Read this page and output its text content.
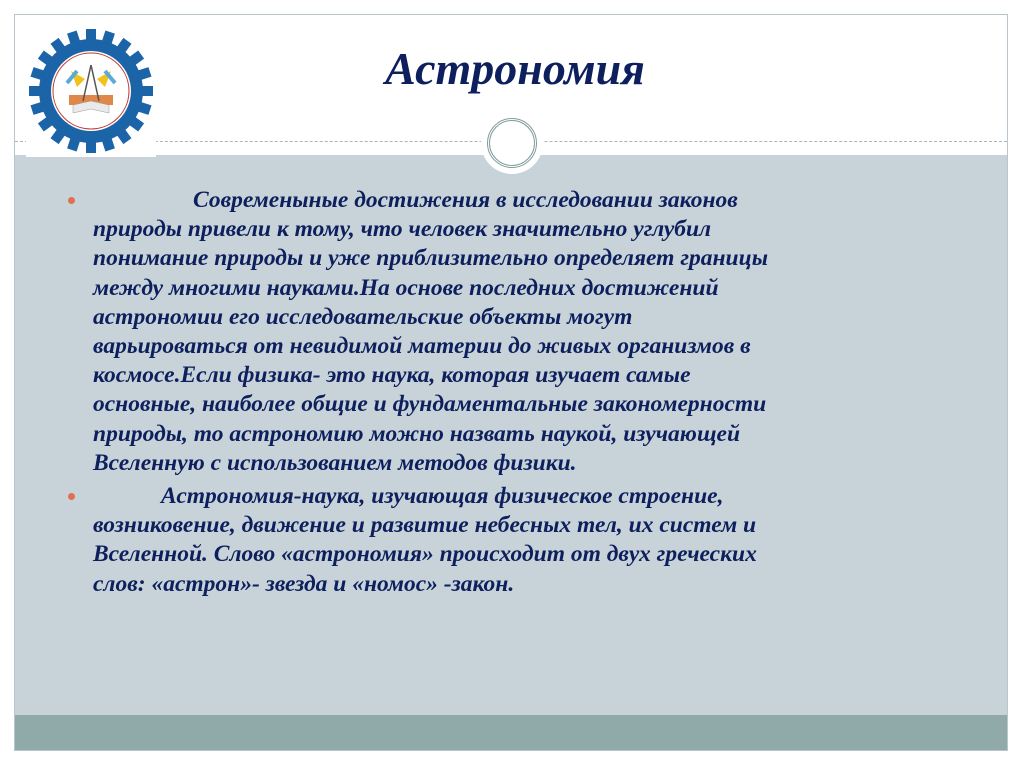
Астрономия
Современыные достижения в исследовании законов
природы привели к тому, что человек значительно углубил
понимание природы и уже приблизительно определяет границы
между многими науками.На основе последних достижений
астрономии его исследовательские объекты могут
варьироваться от невидимой материи до живых организмов в
космосе.Если физика- это наука, которая изучает самые
основные, наиболее общие и фундаментальные закономерности
природы, то астрономию можно назвать наукой, изучающей
Вселенную с использованием методов физики.
Астрономия-наука, изучающая физическое строение,
возниковение, движение и развитие небесных тел, их систем и
Вселенной. Слово «астрономия» происходит от двух греческих
слов: «астрон»- звезда и «номос» -закон.
